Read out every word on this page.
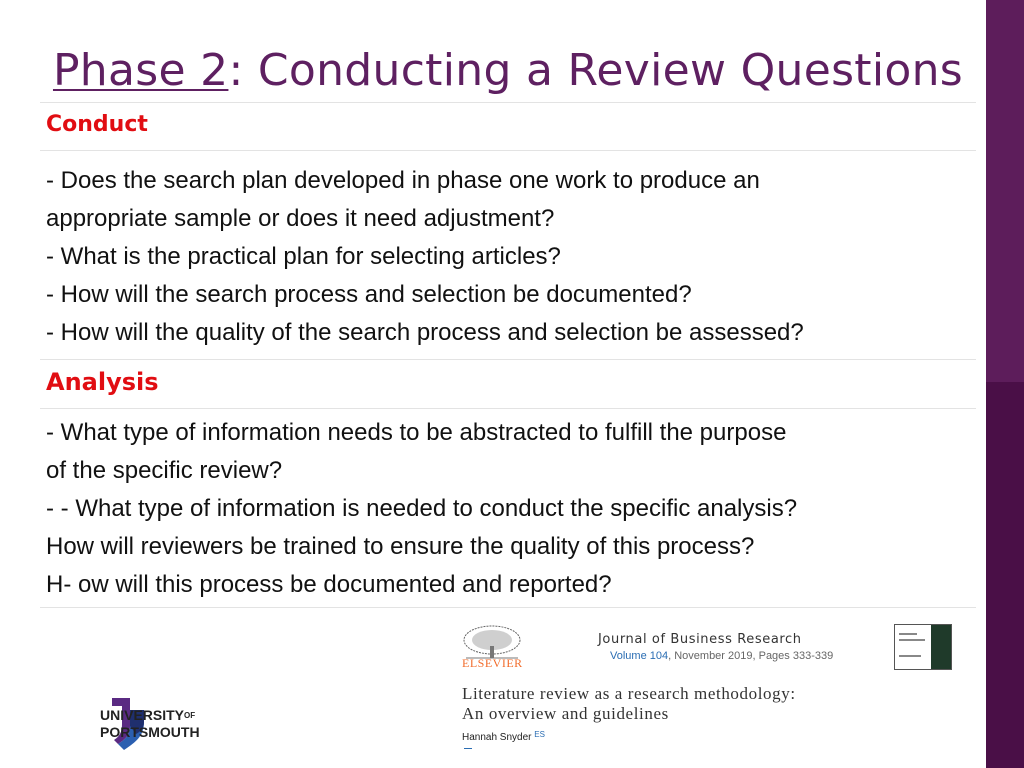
Phase 2: Conducting a Review Questions
Conduct
- Does the search plan developed in phase one work to produce an
appropriate sample or does it need adjustment?
- What is the practical plan for selecting articles?
- How will the search process and selection be documented?
- How will the quality of the search process and selection be assessed?
Analysis
- What type of information needs to be abstracted to fulfill the purpose
of the specific review?
- - What type of information is needed to conduct the specific analysis?
How will reviewers be trained to ensure the quality of this process?
H- ow will this process be documented and reported?
UNIVERSITYOF
PORTSMOUTH
ELSEVIER
Journal of Business Research
Volume 104, November 2019, Pages 333-339
Literature review as a research methodology:
An overview and guidelines
Hannah Snyder $^{ES}$
